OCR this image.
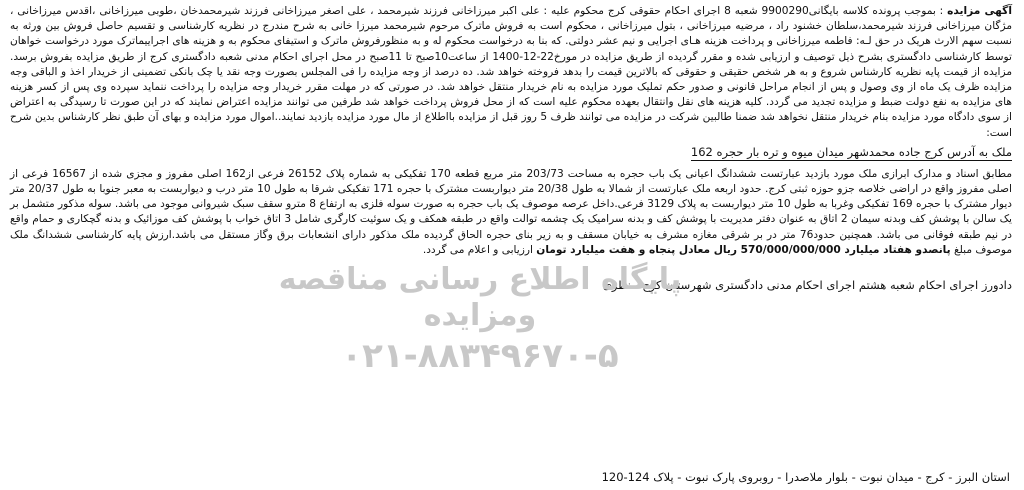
آگهی مزایده : بموجب پرونده کلاسه بایگانی9900290 شعبه 8 اجرای احکام حقوقی کرج محکوم علیه : علی اکبر میرزاخانی فرزند شیرمحمد ، علی اصغر میرزاخانی فرزند شیرمحمدخان ،طوبی میرزاخانی ،اقدس میرزاخانی ، مژگان میرزاخانی فرزند شیرمحمد،سلطان خشنود راد ، مرضیه میرزاخانی ، بتول میرزاخانی ، محکوم است به فروش ماترک مرحوم شیرمحمد میرزا خانی به شرح مندرج در نظریه کارشناسی و تقسیم حاصل فروش بین ورثه به نسبت سهم الارث هریک در حق لـه: فاطمه میرزاخانی و پرداخت هزینه هـای اجرایی و نیم عشر دولتی. که بنا به درخواست محکوم له و به منظورفروش ماترک و استیفای محکوم به و هزینه های اجراییماترک مورد درخواست خواهان توسط کارشناسی دادگستری بشرح ذیل توصیف و ارزیابی شده و مقرر گردیده از طریق مزایده در مورخ22-12-1400 از ساعت10صبح تا 11صبح در محل اجرای احکام مدنی شعبه دادگستری کرج از طریق مزایده بفروش برسد. مزایده از قیمت پایه نظریه کارشناس شروع و به هر شخص حقیقی و حقوقی که بالاترین قیمت را بدهد فروخته خواهد شد. ده درصد از وجه مزایده را فی المجلس بصورت وجه نقد یا چک بانکی تضمینی از خریدار اخذ و الباقی وجه مزایده ظرف یک ماه از وی وصول و پس از انجام مراحل قانونی و صدور حکم تملیک مورد مزایده به نام خریدار منتقل خواهد شد. در صورتی که در مهلت مقرر خریدار وجه مزایده را پرداخت ننماید سپرده وی پس از کسر هزینه های مزایده به نفع دولت ضبط و مزایده تجدید می گردد. کلیه هزینه های نقل وانتقال بعهده محکوم علیه است که از محل فروش پرداخت خواهد شد طرفین می توانند مزایده اعتراض نمایند که در این صورت تا رسیدگی به اعتراض از سوی دادگاه مورد مزایده بنام خریدار منتقل نخواهد شد ضمنا طالبین شرکت در مزایده می توانند ظرف 5 روز قبل از مزایده بااطلاع از مال مورد مزایده بازدید نمایند..اموال مورد مزایده و بهای آن طبق نظر کارشناس بدین شرح است:

ملک به آدرس کرج جاده محمدشهر میدان میوه و تره بار حجره 162

مطابق اسناد و مدارک ابرازی ملک مورد بازدید عبارتست ششدانگ اعیانی یک باب حجره به مساحت 203/73 متر مربع قطعه 170 تفکیکی به شماره پلاک 26152 فرعی از162 اصلی مفروز و مجزی شده از 16567 فرعی از اصلی مفروز واقع در اراضی خلاصه جزو حوزه ثبتی کرج. حدود اربعه ملک عبارتست از شمالا به طول 20/38 متر دیواربست مشترک با حجره 171 تفکیکی شرقا به طول 10 متر درب و دیواربست به معبر جنوبا به طول 20/37 متر دیوار مشترک با حجره 169 تفکیکی وغربا به طول 10 متر دیواربست به پلاک 3129 فرعی.داخل عرصه موصوف یک باب حجره به صورت سوله فلزی به ارتفاع 8 مترو سقف سبک شیروانی موجود می باشد. سوله مذکور متشمل بر یک سالن با پوشش کف وبدنه سیمان 2 اتاق به عنوان دفتر مدیریت با پوشش کف و بدنه سرامیک یک چشمه توالت واقع در طبقه همکف و یک سوئیت کارگری شامل 3 اتاق خواب با پوشش کف موزائیک و بدنه گچکاری و حمام واقع در نیم طبقه فوقانی می باشد. همچنین حدود76 متر در بر شرقی مغازه مشرف به خیابان مسقف و به زیر بنای حجره الحاق گردیده ملک مذکور دارای انشعابات برق وگاز مستقل می باشد.ارزش پایه کارشناسی ششدانگ ملک موصوف مبلغ پانصدو هفتاد میلیارد 570/000/000/000 ریال معادل پنجاه و هفت میلیارد تومان ارزیابی و اعلام می گردد.

دادورز اجرای احکام شعبه هشتم اجرای احکام مدنی دادگستری شهرستان کرج - نظری
استان البرز - کرج - میدان نبوت - بلوار ملاصدرا - روبروی پارک نبوت - پلاک 124-120
پایگاه اطلاع رسانی مناقصه ومزایده
۰۲۱-۸۸۳۴۹۶۷۰-۵
